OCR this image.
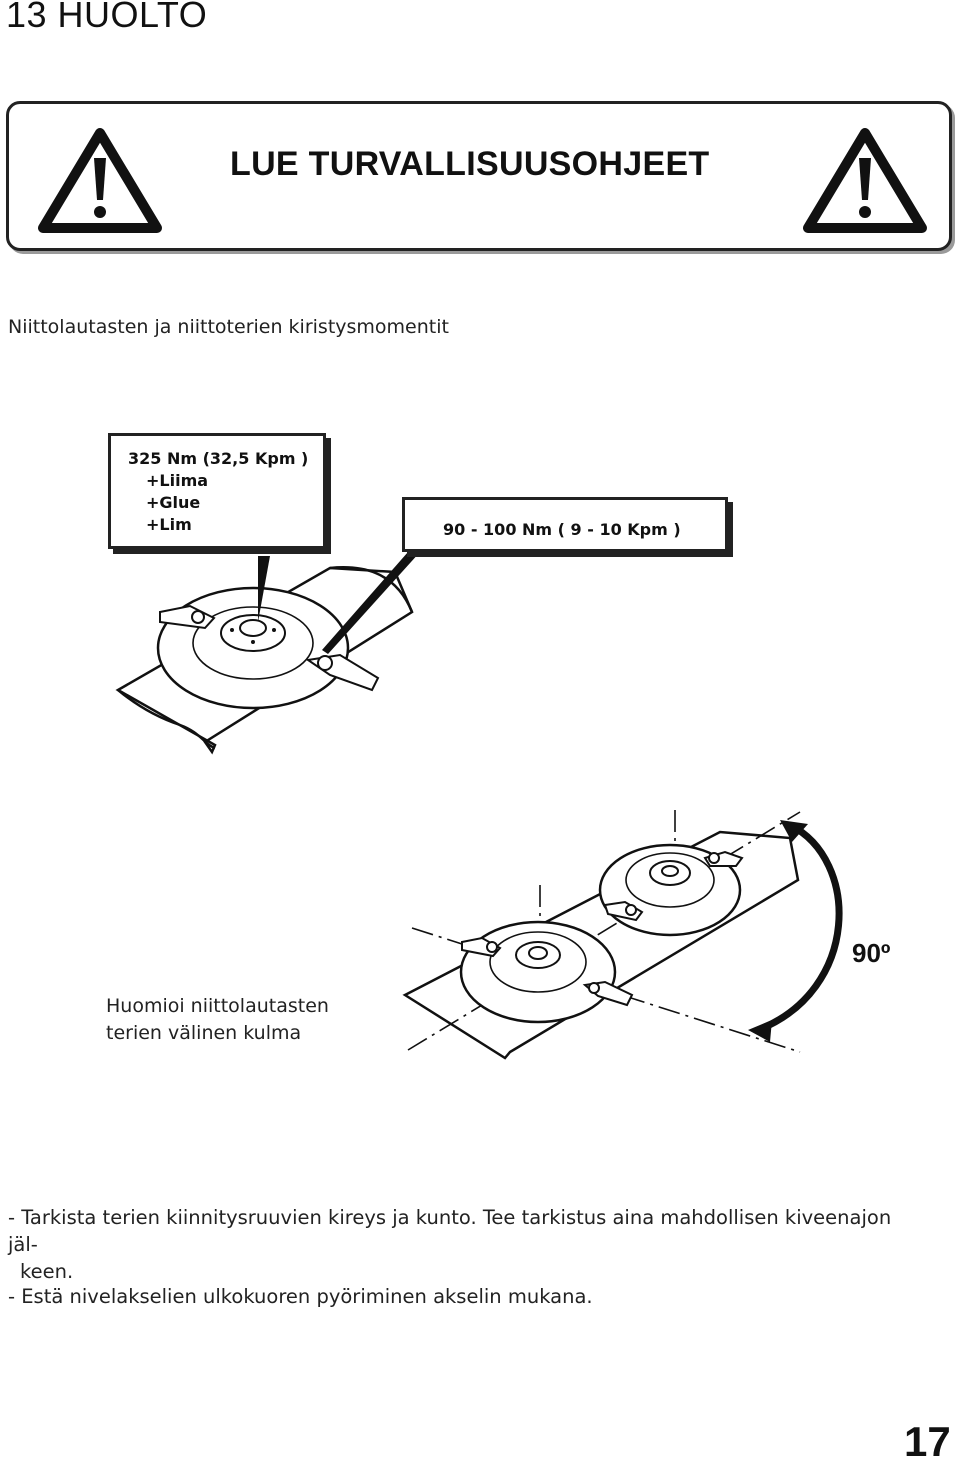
13 HUOLTO
LUE TURVALLISUUSOHJEET
Niittolautasten ja niittoterien kiristysmomentit
325 Nm (32,5 Kpm )
+Liima
+Glue
+Lim	90 - 100 Nm ( 9 - 10 Kpm )
90º
Huomioi niittolautasten
terien välinen kulma
- Tarkista terien kiinnitysruuvien kireys ja kunto. Tee tarkistus aina mahdollisen kiveenajon jäl-
keen.
- Estä nivelakselien ulkokuoren pyöriminen akselin mukana.
17
